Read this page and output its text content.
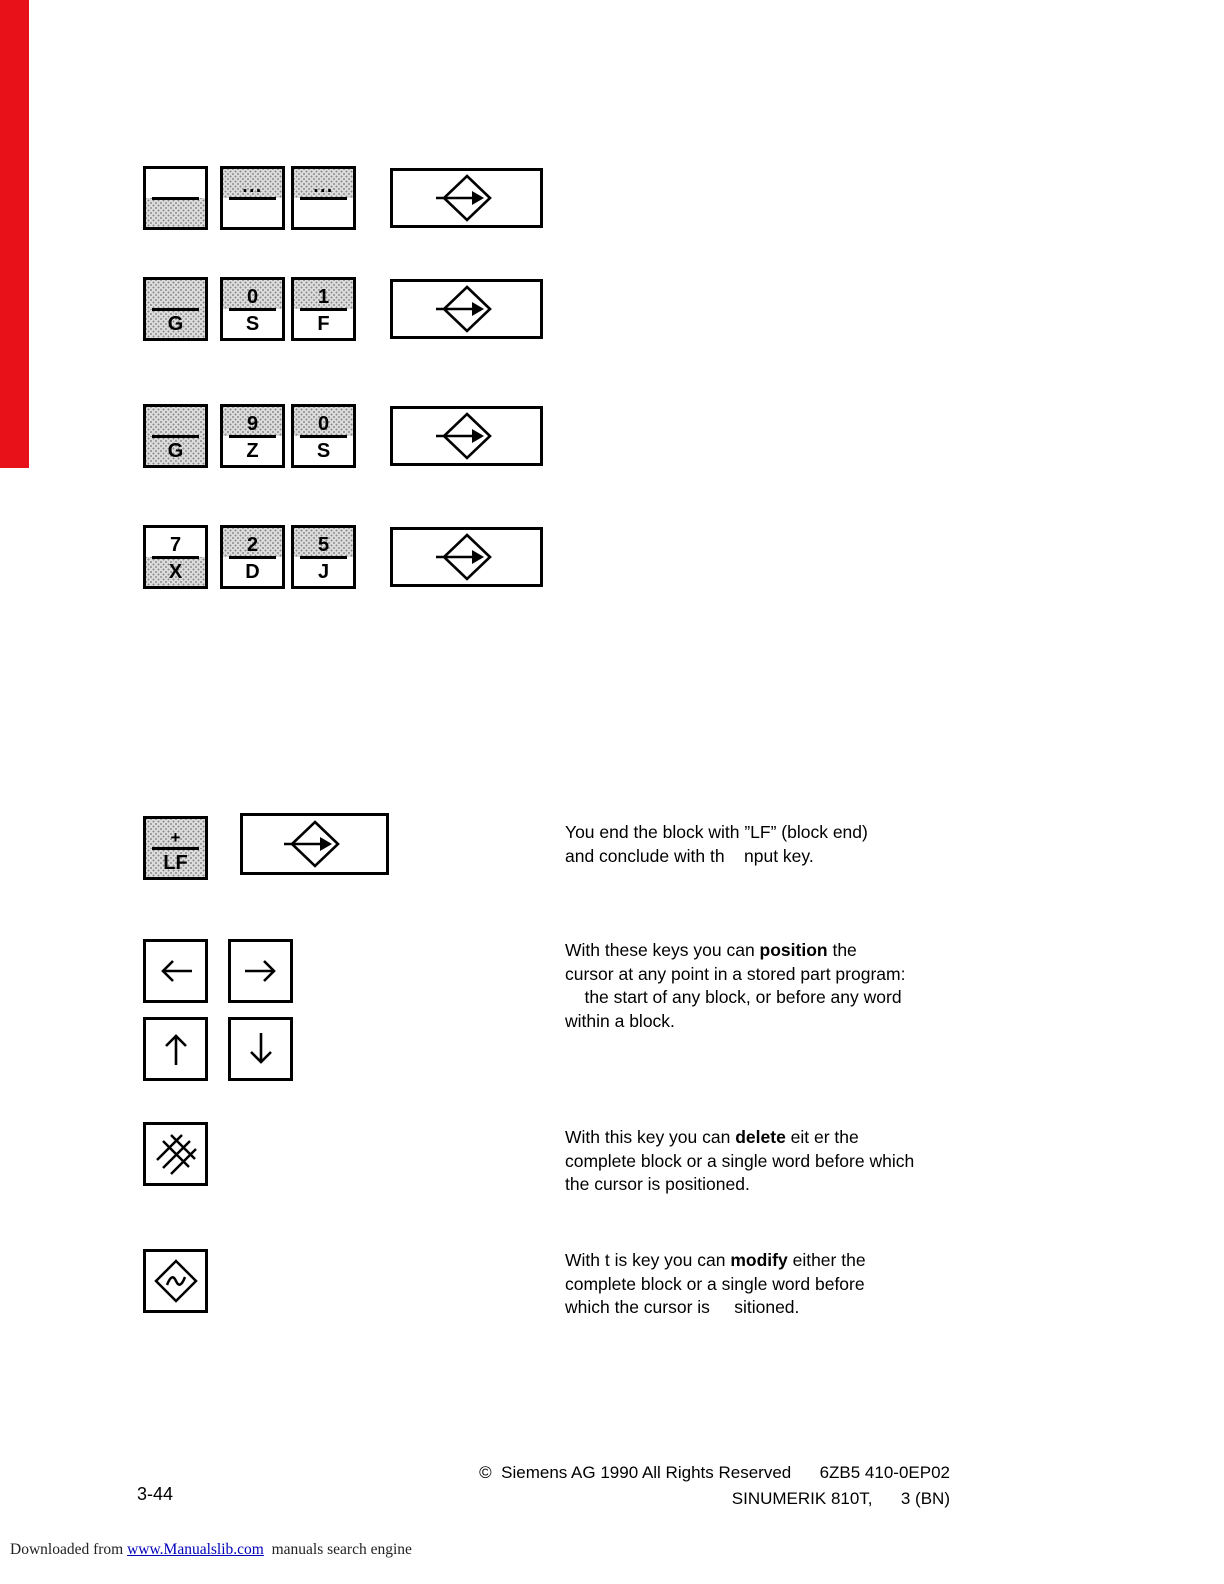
...	...
G
0
S
1
F
G
9
Z
0
S
7
X
2
D
5
J
+
LF
You end the block with ”LF” (block end)
and conclude with th    nput key.
With these keys you can position the
cursor at any point in a stored part program:
the start of any block, or before any word
within a block.
With this key you can delete eit er the
complete block or a single word before which
the cursor is positioned.
With t is key you can modify either the
complete block or a single word before
which the cursor is     sitioned.
3-44
©  Siemens AG 1990 All Rights Reserved      6ZB5 410-0EP02
SINUMERIK 810T,      3 (BN)
Downloaded from www.Manualslib.com  manuals search engine
